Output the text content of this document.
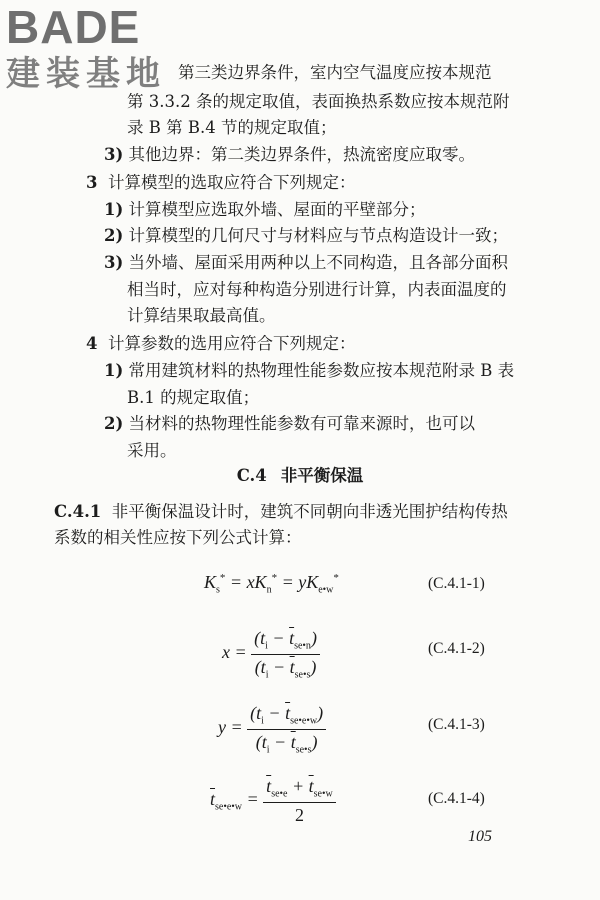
BADE
建装基地 第三类边界条件，室内空气温度应按本规范
第 3.3.2 条的规定取值，表面换热系数应按本规范附
录 B 第 B.4 节的规定取值；
3) 其他边界：第二类边界条件，热流密度应取零。
3 计算模型的选取应符合下列规定：
1) 计算模型应选取外墙、屋面的平壁部分；
2) 计算模型的几何尺寸与材料应与节点构造设计一致；
3) 当外墙、屋面采用两种以上不同构造，且各部分面积
相当时，应对每种构造分别进行计算，内表面温度的
计算结果取最高值。
4 计算参数的选用应符合下列规定：
1) 常用建筑材料的热物理性能参数应按本规范附录 B 表
B.1 的规定取值；
2) 当材料的热物理性能参数有可靠来源时，也可以
采用。
C.4 非平衡保温
C.4.1 非平衡保温设计时，建筑不同朝向非透光围护结构传热
系数的相关性应按下列公式计算：
$K_s^* = xK_n^* = yK_{e•w}^*$	(C.4.1-1)
$x = \frac{(t_i - \overline{t}_{se•n})}{(t_i - \overline{t}_{se•s})}$	(C.4.1-2)
$y = \frac{(t_i - \overline{t}_{se•e•w})}{(t_i - \overline{t}_{se•s})}$	(C.4.1-3)
$\overline{t}_{se•e•w} = \frac{\overline{t}_{se•e} + \overline{t}_{se•w}}{2}$	(C.4.1-4)
105
